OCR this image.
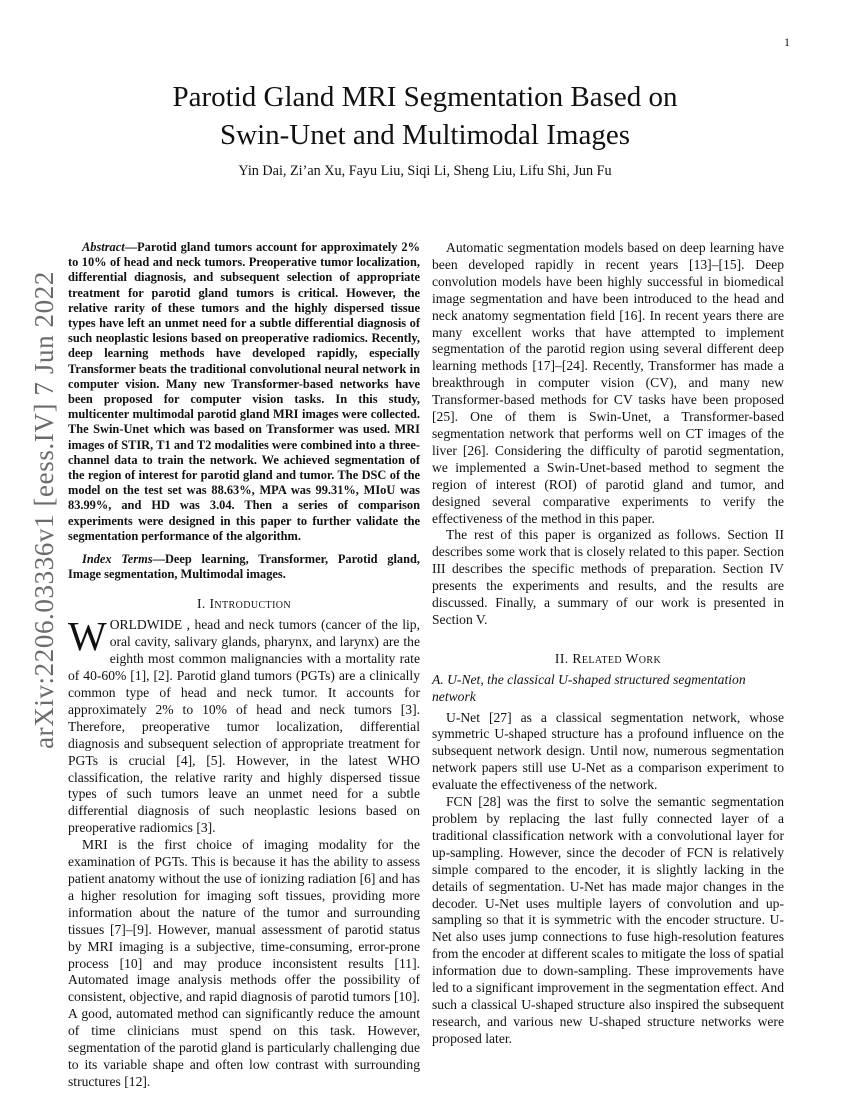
1
Parotid Gland MRI Segmentation Based on
Swin-Unet and Multimodal Images
Yin Dai, Zi’an Xu, Fayu Liu, Siqi Li, Sheng Liu, Lifu Shi, Jun Fu
arXiv:2206.03336v1 [eess.IV] 7 Jun 2022

Abstract—Parotid gland tumors account for approximately 2% to 10% of head and neck tumors. Preoperative tumor localization, differential diagnosis, and subsequent selection of appropriate treatment for parotid gland tumors is critical. However, the relative rarity of these tumors and the highly dispersed tissue types have left an unmet need for a subtle differential diagnosis of such neoplastic lesions based on preoperative radiomics. Recently, deep learning methods have developed rapidly, especially Transformer beats the traditional convolutional neural network in computer vision. Many new Transformer-based networks have been proposed for computer vision tasks. In this study, multicenter multimodal parotid gland MRI images were collected. The Swin-Unet which was based on Transformer was used. MRI images of STIR, T1 and T2 modalities were combined into a three-channel data to train the network. We achieved segmentation of the region of interest for parotid gland and tumor. The DSC of the model on the test set was 88.63%, MPA was 99.31%, MIoU was 83.99%, and HD was 3.04. Then a series of comparison experiments were designed in this paper to further validate the segmentation performance of the algorithm.

Index Terms—Deep learning, Transformer, Parotid gland, Image segmentation, Multimodal images.

I. Introduction

WORLDWIDE , head and neck tumors (cancer of the lip, oral cavity, salivary glands, pharynx, and larynx) are the eighth most common malignancies with a mortality rate of 40-60% [1], [2]. Parotid gland tumors (PGTs) are a clinically common type of head and neck tumor. It accounts for approximately 2% to 10% of head and neck tumors [3]. Therefore, preoperative tumor localization, differential diagnosis and subsequent selection of appropriate treatment for PGTs is crucial [4], [5]. However, in the latest WHO classification, the relative rarity and highly dispersed tissue types of such tumors leave an unmet need for a subtle differential diagnosis of such neoplastic lesions based on preoperative radiomics [3].

MRI is the first choice of imaging modality for the examination of PGTs. This is because it has the ability to assess patient anatomy without the use of ionizing radiation [6] and has a higher resolution for imaging soft tissues, providing more information about the nature of the tumor and surrounding tissues [7]–[9]. However, manual assessment of parotid status by MRI imaging is a subjective, time-consuming, error-prone process [10] and may produce inconsistent results [11]. Automated image analysis methods offer the possibility of consistent, objective, and rapid diagnosis of parotid tumors [10]. A good, automated method can significantly reduce the amount of time clinicians must spend on this task. However, segmentation of the parotid gland is particularly challenging due to its variable shape and often low contrast with surrounding structures [12].

Automatic segmentation models based on deep learning have been developed rapidly in recent years [13]–[15]. Deep convolution models have been highly successful in biomedical image segmentation and have been introduced to the head and neck anatomy segmentation field [16]. In recent years there are many excellent works that have attempted to implement segmentation of the parotid region using several different deep learning methods [17]–[24]. Recently, Transformer has made a breakthrough in computer vision (CV), and many new Transformer-based methods for CV tasks have been proposed [25]. One of them is Swin-Unet, a Transformer-based segmentation network that performs well on CT images of the liver [26]. Considering the difficulty of parotid segmentation, we implemented a Swin-Unet-based method to segment the region of interest (ROI) of parotid gland and tumor, and designed several comparative experiments to verify the effectiveness of the method in this paper.

The rest of this paper is organized as follows. Section II describes some work that is closely related to this paper. Section III describes the specific methods of preparation. Section IV presents the experiments and results, and the results are discussed. Finally, a summary of our work is presented in Section V.

II. Related Work
A. U-Net, the classical U-shaped structured segmentation network

U-Net [27] as a classical segmentation network, whose symmetric U-shaped structure has a profound influence on the subsequent network design. Until now, numerous segmentation network papers still use U-Net as a comparison experiment to evaluate the effectiveness of the network.

FCN [28] was the first to solve the semantic segmentation problem by replacing the last fully connected layer of a traditional classification network with a convolutional layer for up-sampling. However, since the decoder of FCN is relatively simple compared to the encoder, it is slightly lacking in the details of segmentation. U-Net has made major changes in the decoder. U-Net uses multiple layers of convolution and up-sampling so that it is symmetric with the encoder structure. U-Net also uses jump connections to fuse high-resolution features from the encoder at different scales to mitigate the loss of spatial information due to down-sampling. These improvements have led to a significant improvement in the segmentation effect. And such a classical U-shaped structure also inspired the subsequent research, and various new U-shaped structure networks were proposed later.
